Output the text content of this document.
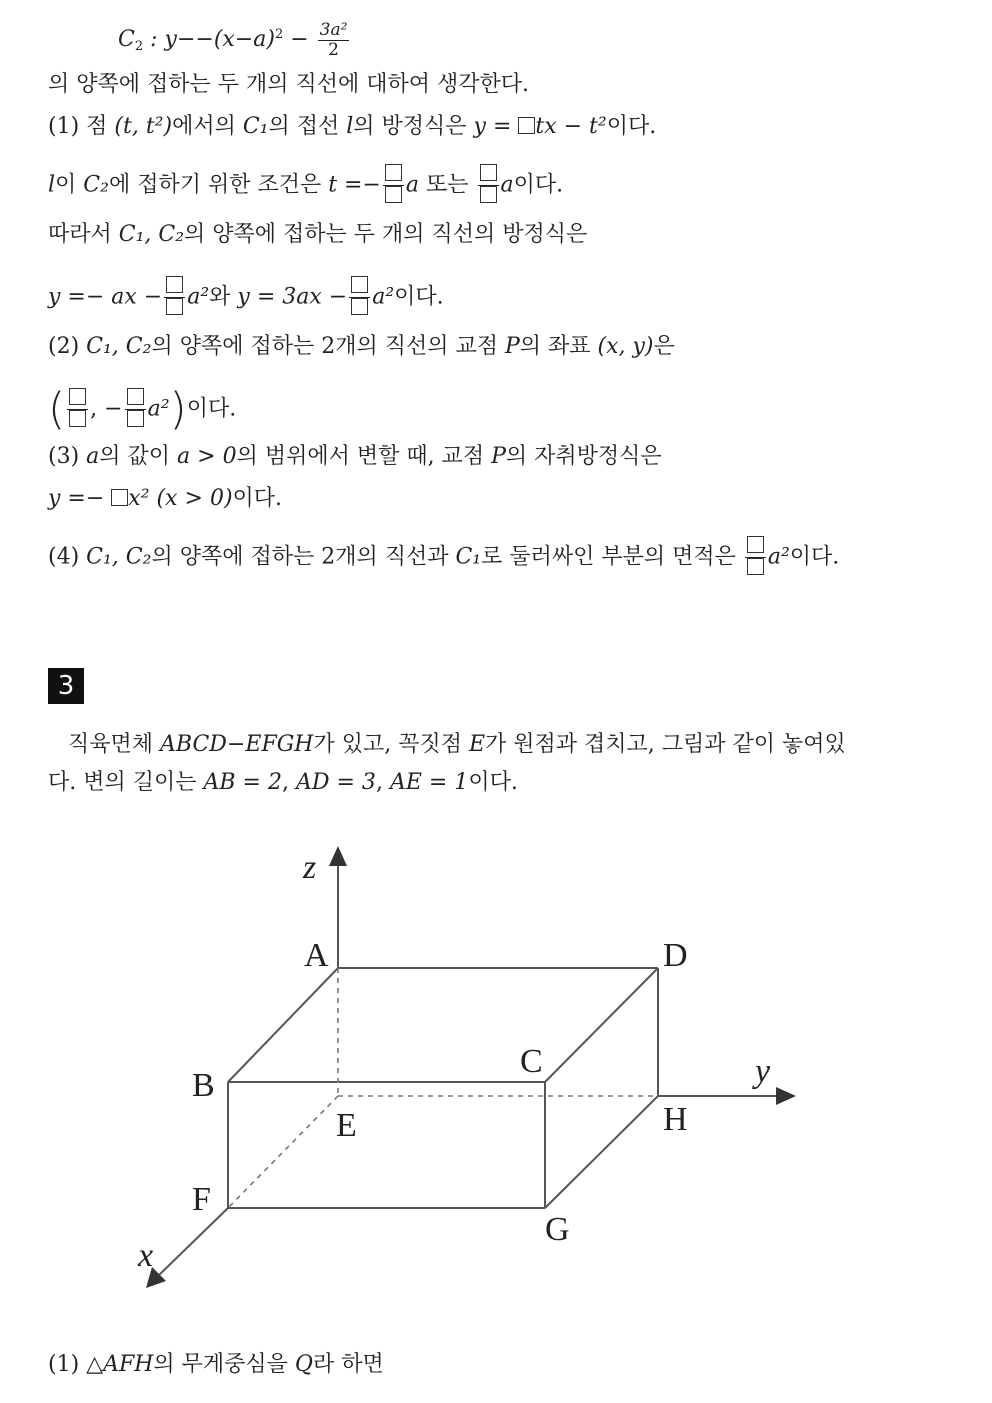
$C_2$ : $y--(x-a)^2 - \frac{\text{3a²}}{2}$
의 양쪽에 접하는 두 개의 직선에 대하여 생각한다.
(1) 점 (t, t²)에서의 C₁의 접선 l의 방정식은 y = tx − t²이다.
l이 C₂에 접하기 위한 조건은 t =− a 또는
a이다.
따라서 C₁, C₂의 양쪽에 접하는 두 개의 직선의 방정식은
y =− ax − a²와 y = 3ax − a²이다.
(2) C₁, C₂의 양쪽에 접하는 2개의 직선의 교점 P의 좌표 (x, y)은
( , − a²)이다.
(3) a의 값이 a > 0의 범위에서 변할 때, 교점 P의 자취방정식은
y =− x² (x > 0)이다.
(4) C₁, C₂의 양쪽에 접하는 2개의 직선과 C₁로 둘러싸인 부분의 면적은
a²이다.
3
직육면체 ABCD−EFGH가 있고, 꼭짓점 E가 원점과 겹치고, 그림과 같이 놓여있
다. 변의 길이는 AB = 2, AD = 3, AE = 1이다.
z
y
x
A
B
C
D
E
F
G
H
(1) △AFH의 무게중심을 Q라 하면
